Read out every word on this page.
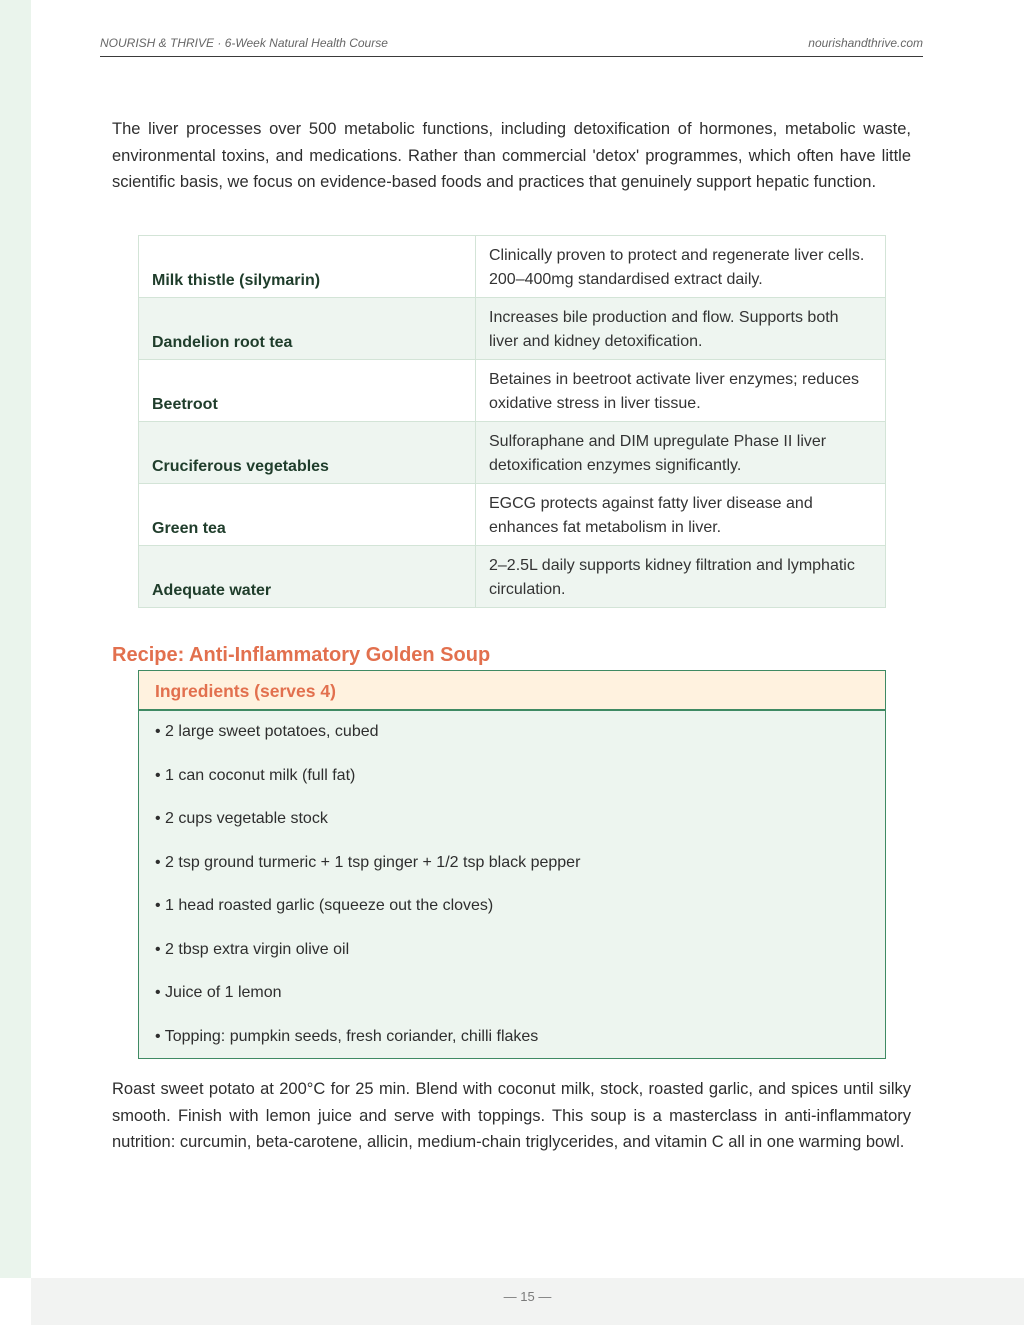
NOURISH & THRIVE · 6-Week Natural Health Course	nourishandthrive.com

The liver processes over 500 metabolic functions, including detoxification of hormones, metabolic waste, environmental toxins, and medications. Rather than commercial 'detox' programmes, which often have little scientific basis, we focus on evidence-based foods and practices that genuinely support hepatic function.

Milk thistle (silymarin)	Clinically proven to protect and regenerate liver cells. 200–400mg standardised extract daily.
Dandelion root tea	Increases bile production and flow. Supports both liver and kidney detoxification.
Beetroot	Betaines in beetroot activate liver enzymes; reduces oxidative stress in liver tissue.
Cruciferous vegetables	Sulforaphane and DIM upregulate Phase II liver detoxification enzymes significantly.
Green tea	EGCG protects against fatty liver disease and enhances fat metabolism in liver.
Adequate water	2–2.5L daily supports kidney filtration and lymphatic circulation.
Recipe: Anti-Inflammatory Golden Soup
Ingredients (serves 4)
• 2 large sweet potatoes, cubed
• 1 can coconut milk (full fat)
• 2 cups vegetable stock
• 2 tsp ground turmeric + 1 tsp ginger + 1/2 tsp black pepper
• 1 head roasted garlic (squeeze out the cloves)
• 2 tbsp extra virgin olive oil
• Juice of 1 lemon
• Topping: pumpkin seeds, fresh coriander, chilli flakes

Roast sweet potato at 200°C for 25 min. Blend with coconut milk, stock, roasted garlic, and spices until silky smooth. Finish with lemon juice and serve with toppings. This soup is a masterclass in anti-inflammatory nutrition: curcumin, beta-carotene, allicin, medium-chain triglycerides, and vitamin C all in one warming bowl.

— 15 —
